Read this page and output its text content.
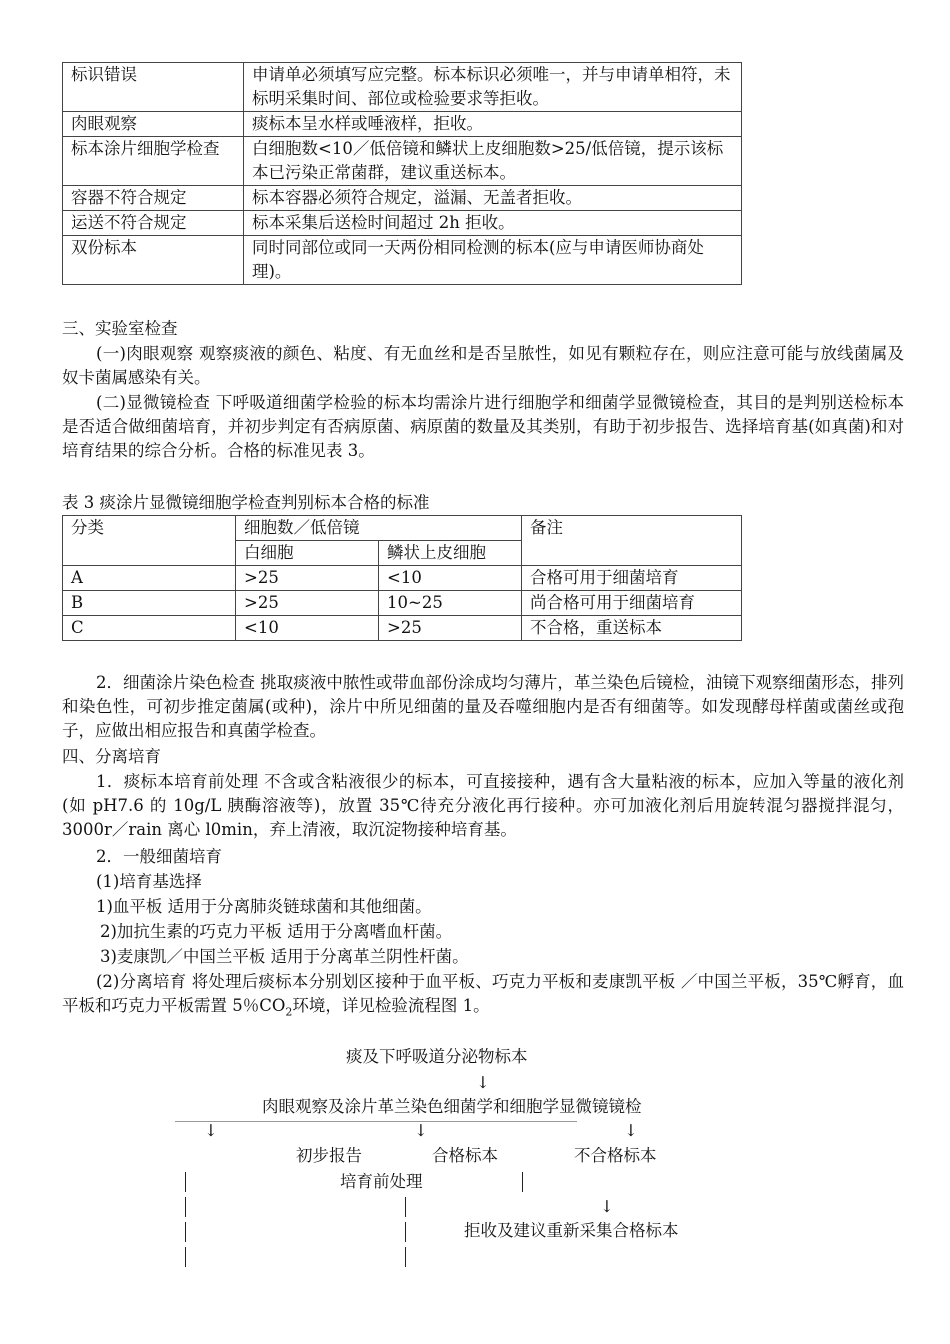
标识错误	申请单必须填写应完整。标本标识必须唯一，并与申请单相符，未标明采集时间、部位或检验要求等拒收。
肉眼观察	痰标本呈水样或唾液样，拒收。
标本涂片细胞学检查	白细胞数<10／低倍镜和鳞状上皮细胞数>25/低倍镜，提示该标本已污染正常菌群，建议重送标本。
容器不符合规定	标本容器必须符合规定，溢漏、无盖者拒收。
运送不符合规定	标本采集后送检时间超过 2h 拒收。
双份标本	同时同部位或同一天两份相同检测的标本(应与申请医师协商处理)。

三、实验室检查

(一)肉眼观察 观察痰液的颜色、粘度、有无血丝和是否呈脓性，如见有颗粒存在，则应注意可能与放线菌属及奴卡菌属感染有关。

(二)显微镜检查 下呼吸道细菌学检验的标本均需涂片进行细胞学和细菌学显微镜检查，其目的是判别送检标本是否适合做细菌培育，并初步判定有否病原菌、病原菌的数量及其类别，有助于初步报告、选择培育基(如真菌)和对培育结果的综合分析。合格的标准见表 3。

表 3 痰涂片显微镜细胞学检查判别标本合格的标准

分类	细胞数／低倍镜		备注
	白细胞	鳞状上皮细胞	
A	>25	<10	合格可用于细菌培育
B	>25	10~25	尚合格可用于细菌培育
C	<10	>25	不合格，重送标本

2．细菌涂片染色检查 挑取痰液中脓性或带血部份涂成均匀薄片，革兰染色后镜检，油镜下观察细菌形态，排列和染色性，可初步推定菌属(或种)，涂片中所见细菌的量及吞噬细胞内是否有细菌等。如发现酵母样菌或菌丝或孢子，应做出相应报告和真菌学检查。

四、分离培育

1．痰标本培育前处理 不含或含粘液很少的标本，可直接接种，遇有含大量粘液的标本，应加入等量的液化剂(如 pH7.6 的 10g/L 胰酶溶液等)，放置 35℃待充分液化再行接种。亦可加液化剂后用旋转混匀器搅拌混匀，3000r／rain 离心 l0min，弃上清液，取沉淀物接种培育基。

2．一般细菌培育

(1)培育基选择

1)血平板 适用于分离肺炎链球菌和其他细菌。

2)加抗生素的巧克力平板 适用于分离嗜血杆菌。

3)麦康凯／中国兰平板 适用于分离革兰阴性杆菌。

(2)分离培育 将处理后痰标本分别划区接种于血平板、巧克力平板和麦康凯平板 ／中国兰平板，35℃孵育，血平板和巧克力平板需置 5％$CO_2$环境，详见检验流程图 1。

痰及下呼吸道分泌物标本
↓
肉眼观察及涂片革兰染色细菌学和细胞学显微镜镜检
↓	↓	↓
初步报告	合格标本	不合格标本
培育前处理
↓
拒收及建议重新采集合格标本
